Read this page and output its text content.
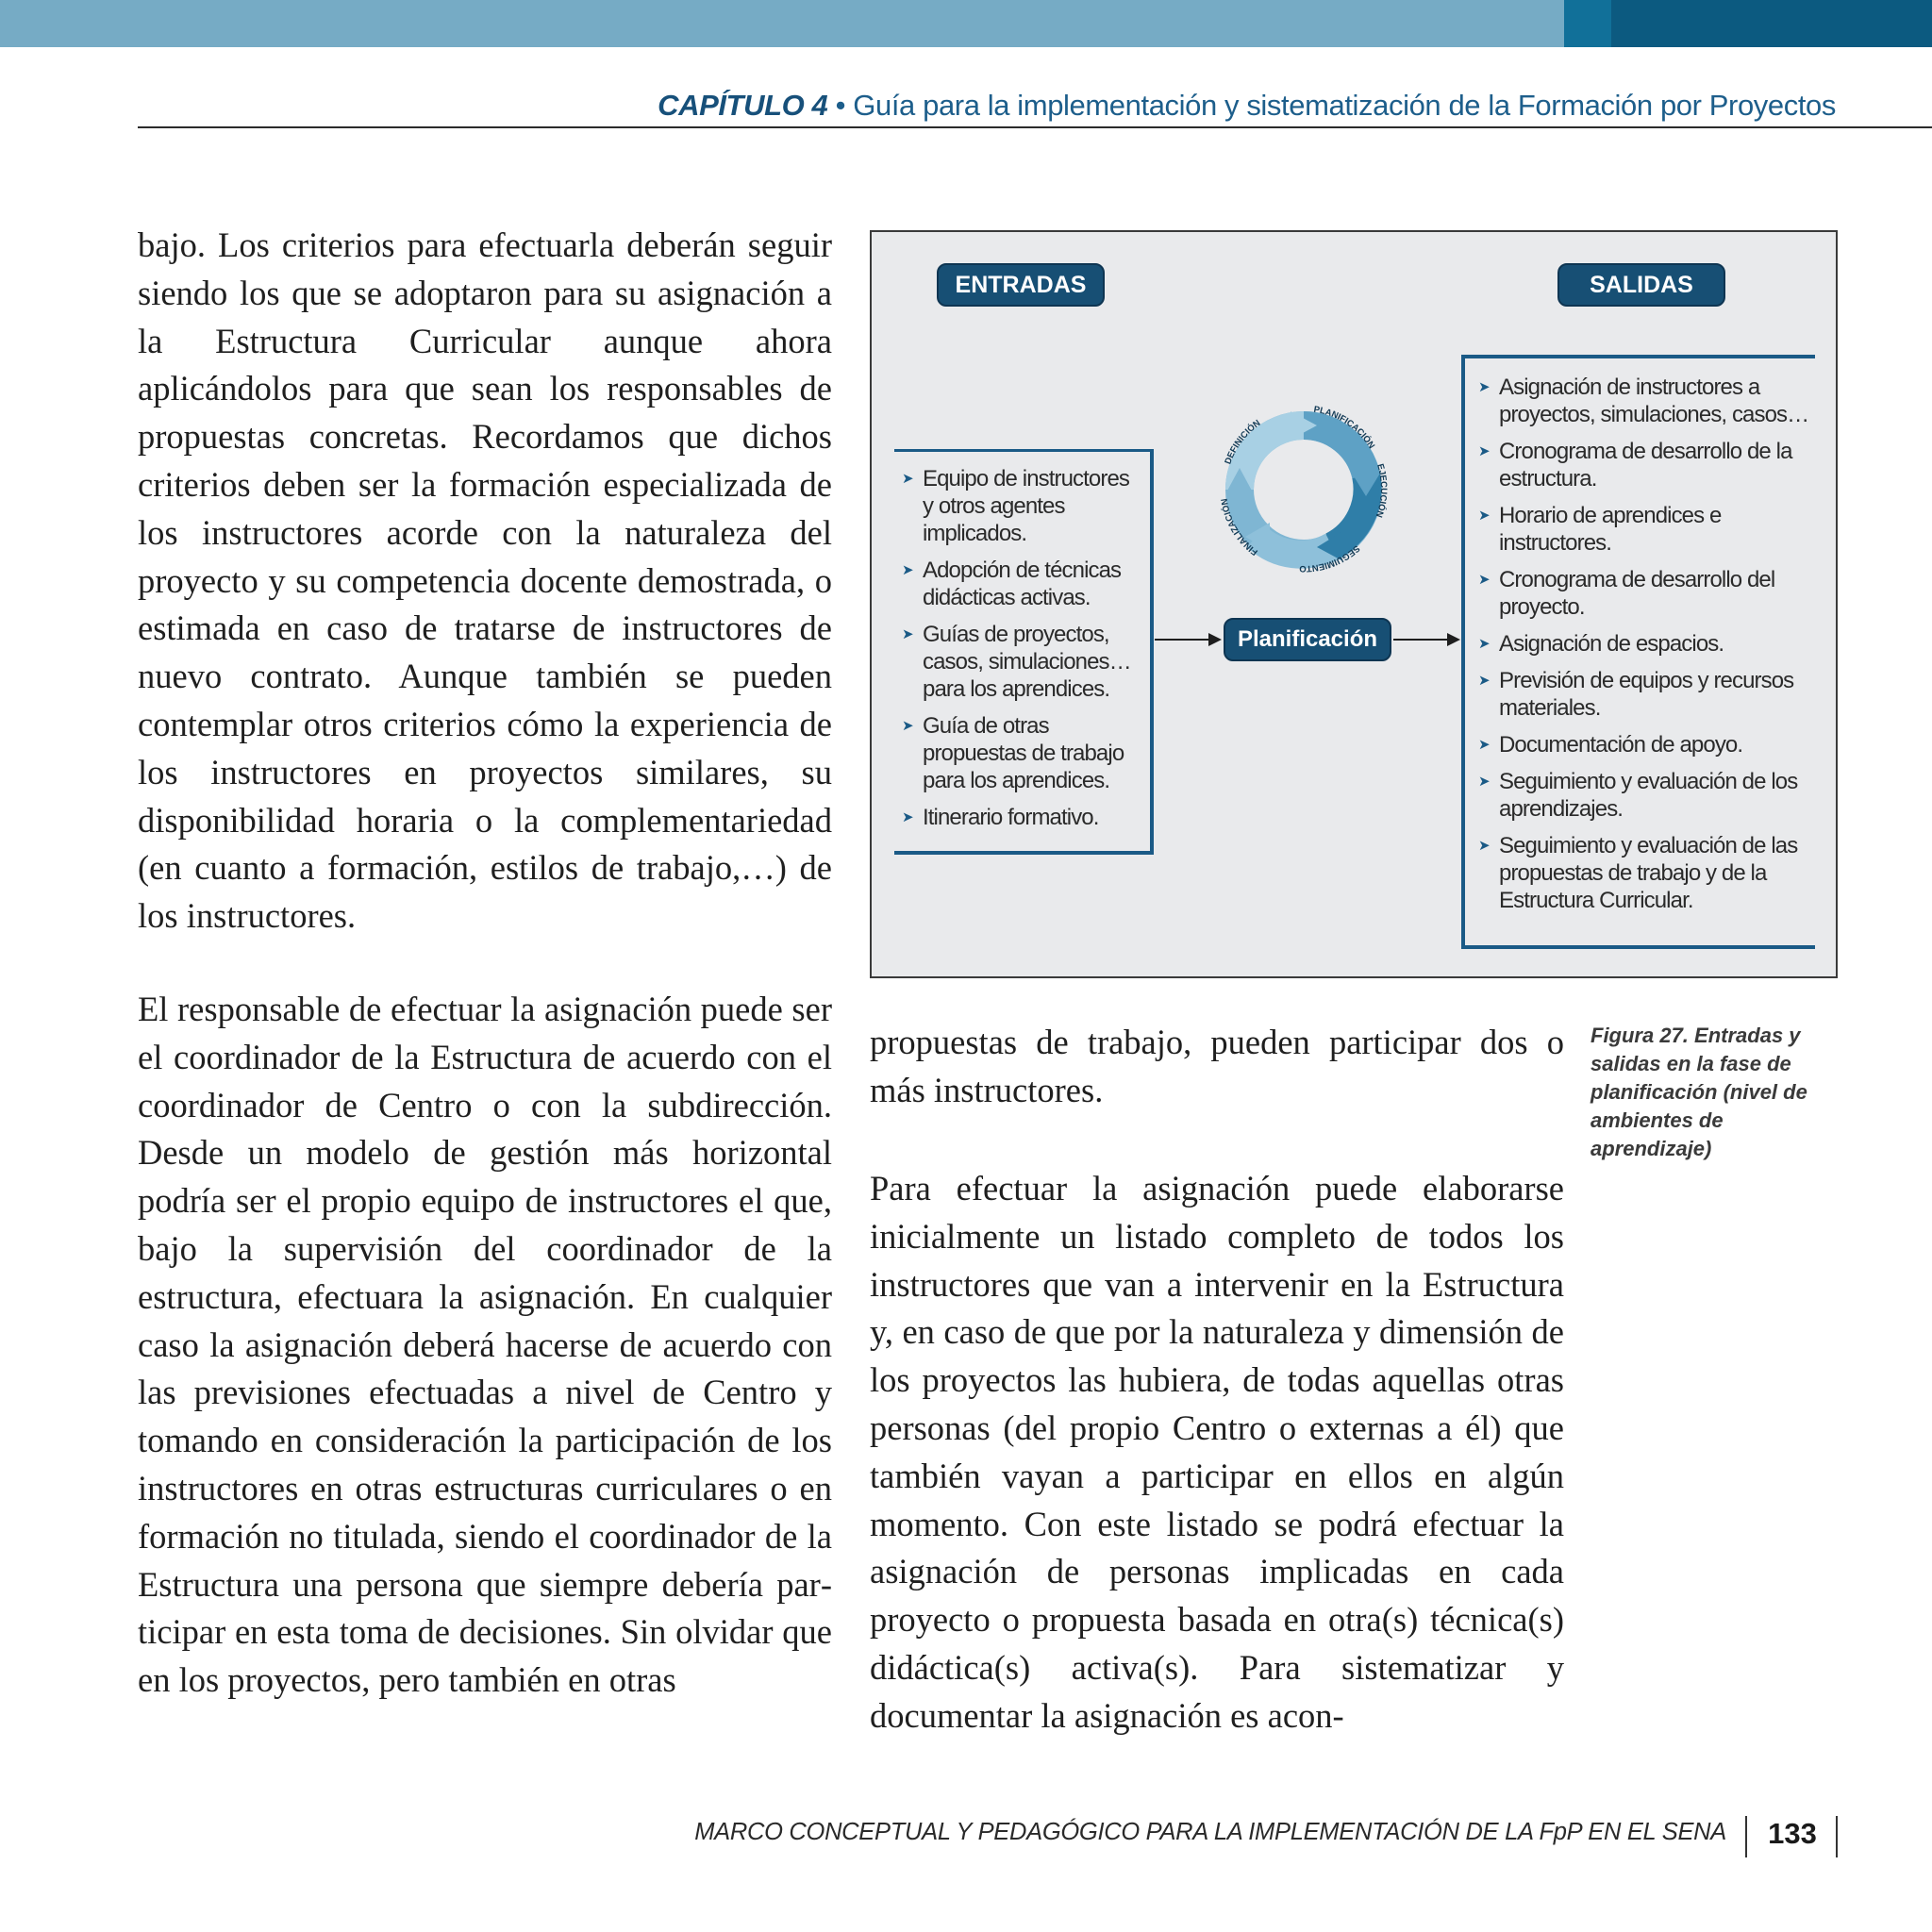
CAPÍTULO 4 • Guía para la implementación y sistematización de la Formación por Proyectos

bajo. Los criterios para efectuarla deberán seguir siendo los que se adoptaron para su asignación a la Estructura Curricular aunque ahora aplicándolos para que sean los responsables de propuestas concretas. Recordamos que dichos criterios deben ser la formación especializada de los instructores acorde con la naturaleza del proyecto y su competencia docente demostrada, o estimada en caso de tratarse de instructores de nuevo contrato. Aunque también se pueden contemplar otros criterios cómo la experiencia de los instructores en proyectos similares, su disponibilidad horaria o la complementariedad (en cuanto a formación, estilos de trabajo,…) de los instructores.

El responsable de efectuar la asignación puede ser el coordinador de la Estructura de acuerdo con el coordinador de Centro o con la subdirección. Desde un modelo de gestión más horizontal podría ser el propio equipo de instructores el que, bajo la supervisión del coordinador de la estructura, efectuara la asignación. En cualquier caso la asignación deberá hacerse de acuerdo con las previsiones efectuadas a nivel de Centro y tomando en consideración la participación de los instructores en otras estructuras curriculares o en formación no titulada, siendo el coordinador de la Estructura una persona que siempre debería participar en esta toma de decisiones. Sin olvidar que en los proyectos, pero también en otras

ENTRADAS	SALIDAS
➤ Equipo de instructores y otros agentes implicados.
➤ Adopción de técnicas didácticas activas.
➤ Guías de proyectos, casos, simulaciones… para los aprendices.
➤ Guía de otras propuestas de trabajo para los aprendices.
➤ Itinerario formativo.
➤ Asignación de instructores a proyectos, simulaciones, casos…
➤ Cronograma de desarrollo de la estructura.
➤ Horario de aprendices e instructores.
➤ Cronograma de desarrollo del proyecto.
➤ Asignación de espacios.
➤ Previsión de equipos y recursos materiales.
➤ Documentación de apoyo.
➤ Seguimiento y evaluación de los aprendizajes.
➤ Seguimiento y evaluación de las propuestas de trabajo y de la Estructura Curricular.
PLANIFICACIÓN
EJECUCIÓN
SEGUIMIENTO
FINALIZACIÓN
DEFINICIÓN
Planificación

propuestas de trabajo, pueden participar dos o más instructores.

Para efectuar la asignación puede elaborarse inicialmente un listado completo de todos los instructores que van a intervenir en la Estructura y, en caso de que por la naturaleza y dimensión de los proyectos las hubiera, de todas aquellas otras personas (del propio Centro o externas a él) que también vayan a participar en ellos en algún momento. Con este listado se podrá efectuar la asignación de personas implicadas en cada proyecto o propuesta basada en otra(s) técnica(s) didáctica(s) activa(s). Para sistematizar y documentar la asignación es acon-

Figura 27. Entradas y salidas en la fase de planificación (nivel de ambientes de aprendizaje)
MARCO CONCEPTUAL Y PEDAGÓGICO PARA LA IMPLEMENTACIÓN DE LA FpP EN EL SENA	133
